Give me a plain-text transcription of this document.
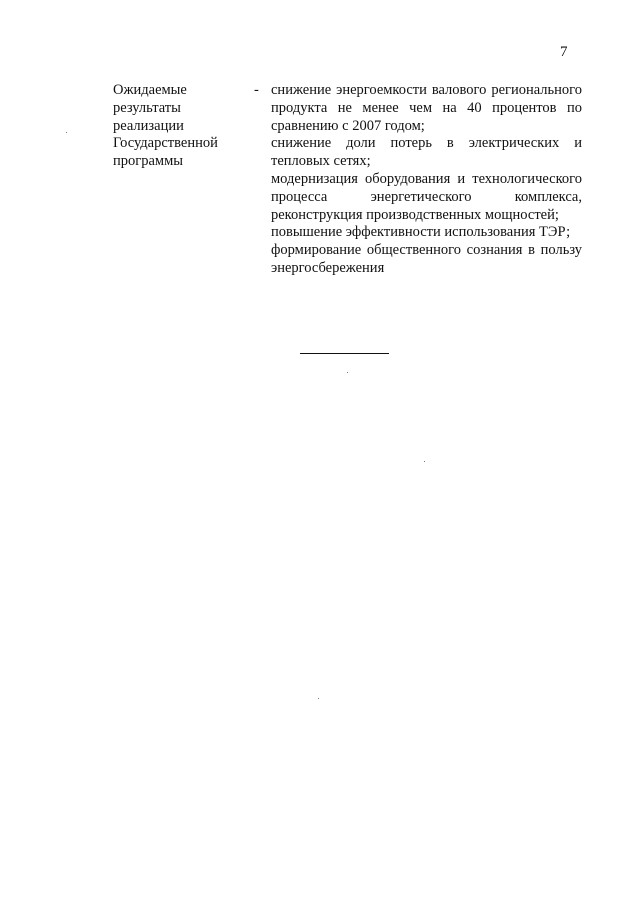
7
Ожидаемые результаты реализации Государственной программы
- снижение энергоемкости валового регионального продукта не менее чем на 40 процентов по сравнению с 2007 годом;
снижение доли потерь в электрических и тепловых сетях;
модернизация оборудования и технологического процесса энергетического комплекса, реконструкция производственных мощностей;
повышение эффективности использования ТЭР;
формирование общественного сознания в пользу энергосбережения
